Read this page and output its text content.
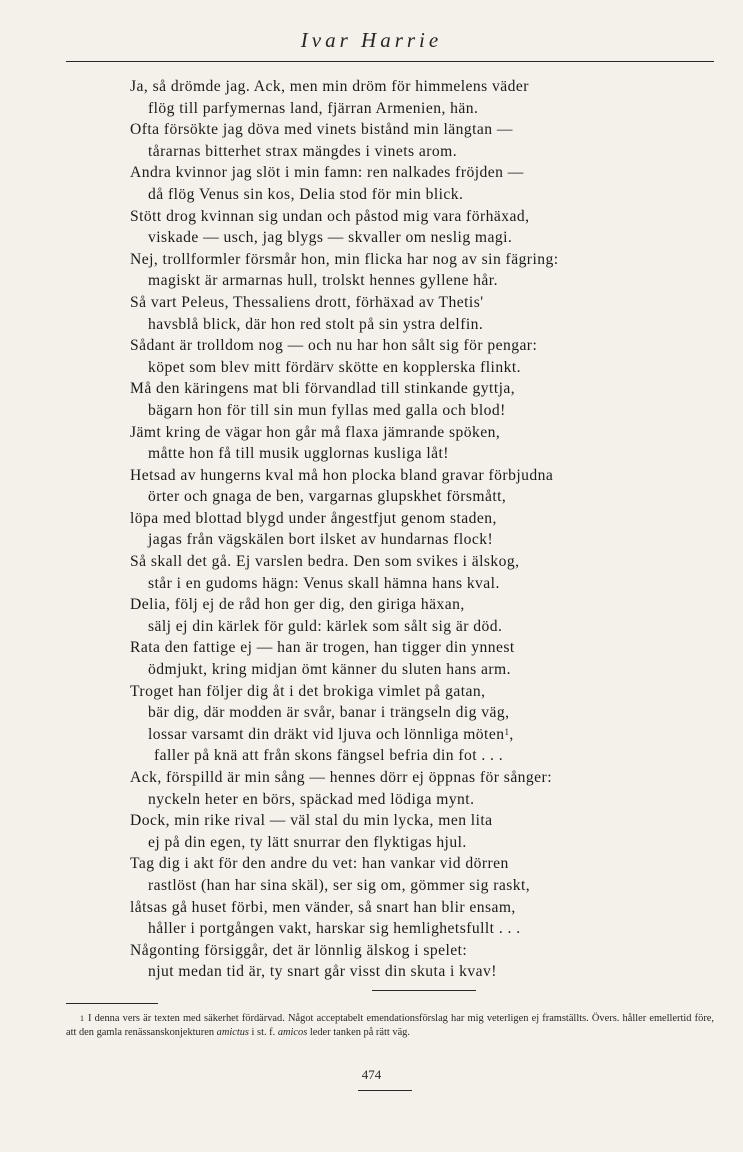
Ivar Harrie
Ja, så drömde jag. Ack, men min dröm för himmelens väder
flög till parfymernas land, fjärran Armenien, hän.
Ofta försökte jag döva med vinets bistånd min längtan —
tårarnas bitterhet strax mängdes i vinets arom.
Andra kvinnor jag slöt i min famn: ren nalkades fröjden —
då flög Venus sin kos, Delia stod för min blick.
Stött drog kvinnan sig undan och påstod mig vara förhäxad,
viskade — usch, jag blygs — skvaller om neslig magi.
Nej, trollformler försmår hon, min flicka har nog av sin fägring:
magiskt är armarnas hull, trolskt hennes gyllene hår.
Så vart Peleus, Thessaliens drott, förhäxad av Thetis'
havsblå blick, där hon red stolt på sin ystra delfin.
Sådant är trolldom nog — och nu har hon sålt sig för pengar:
köpet som blev mitt fördärv skötte en kopplerska flinkt.
Må den käringens mat bli förvandlad till stinkande gyttja,
bägarn hon för till sin mun fyllas med galla och blod!
Jämt kring de vägar hon går må flaxa jämrande spöken,
måtte hon få till musik ugglornas kusliga låt!
Hetsad av hungerns kval må hon plocka bland gravar förbjudna
örter och gnaga de ben, vargarnas glupskhet försmått,
löpa med blottad blygd under ångestfjut genom staden,
jagas från vägskälen bort ilsket av hundarnas flock!
Så skall det gå. Ej varslen bedra. Den som svikes i älskog,
står i en gudoms hägn: Venus skall hämna hans kval.
Delia, följ ej de råd hon ger dig, den giriga häxan,
sälj ej din kärlek för guld: kärlek som sålt sig är död.
Rata den fattige ej — han är trogen, han tigger din ynnest
ödmjukt, kring midjan ömt känner du sluten hans arm.
Troget han följer dig åt i det brokiga vimlet på gatan,
bär dig, där modden är svår, banar i trängseln dig väg,
lossar varsamt din dräkt vid ljuva och lönnliga möten$^1$,
faller på knä att från skons fängsel befria din fot . . .
Ack, förspilld är min sång — hennes dörr ej öppnas för sånger:
nyckeln heter en börs, späckad med lödiga mynt.
Dock, min rike rival — väl stal du min lycka, men lita
ej på din egen, ty lätt snurrar den flyktigas hjul.
Tag dig i akt för den andre du vet: han vankar vid dörren
rastlöst (han har sina skäl), ser sig om, gömmer sig raskt,
låtsas gå huset förbi, men vänder, så snart han blir ensam,
håller i portgången vakt, harskar sig hemlighetsfullt . . .
Någonting försiggår, det är lönnlig älskog i spelet:
njut medan tid är, ty snart går visst din skuta i kvav!
$^1$ I denna vers är texten med säkerhet fördärvad. Något acceptabelt emendationsförslag har mig veterligen ej framställts. Övers. håller emellertid före, att den gamla renässanskonjekturen amictus i st. f. amicos leder tanken på rätt väg.
474
